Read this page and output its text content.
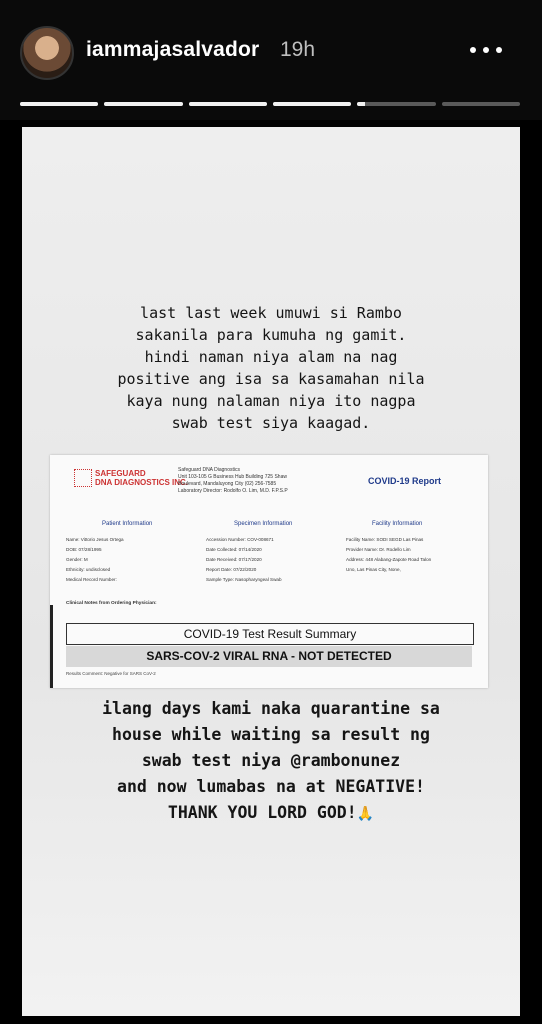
iammajasalvador 19h
last last week umuwi si Rambo
sakanila para kumuha ng gamit.
hindi naman niya alam na nag
positive ang isa sa kasamahan nila
kaya nung nalaman niya ito nagpa
swab test siya kaagad.
SAFEGUARD
DNA DIAGNOSTICS INC.
Safeguard DNA Diagnostics
Unit 103-105 G Business Hub Building 725 Shaw
Boulevard, Mandaluyong City (02) 256-7585
Laboratory Director: Rodolfo O. Lim, M.D. F.P.S.P
COVID-19 Report
Patient Information	Specimen Information	Facility Information
Name: Vittorio Jesus Ortega
DOB: 07/28/1995
Gender: M
Ethnicity: undisclosed
Medical Record Number:
Accession Number: COV-008671
Date Collected: 07/14/2020
Date Received: 07/17/2020
Report Date: 07/22/2020
Sample Type: Nasopharyngeal Swab
Facility Name: SODI SEGD Las Pinas
Provider Name: Dr. Rodello Lim
Address: 448 Alabang-Zapote Road Talon
Uno, Las Pinas City, None,
Clinical Notes from Ordering Physician:
COVID-19 Test Result Summary
SARS-COV-2 VIRAL RNA - NOT DETECTED
Results Comment: Negative for SARS CoV-2
ilang days kami naka quarantine sa
house while waiting sa result ng
swab test niya @rambonunez
and now lumabas na at NEGATIVE!
THANK YOU LORD GOD!🙏
